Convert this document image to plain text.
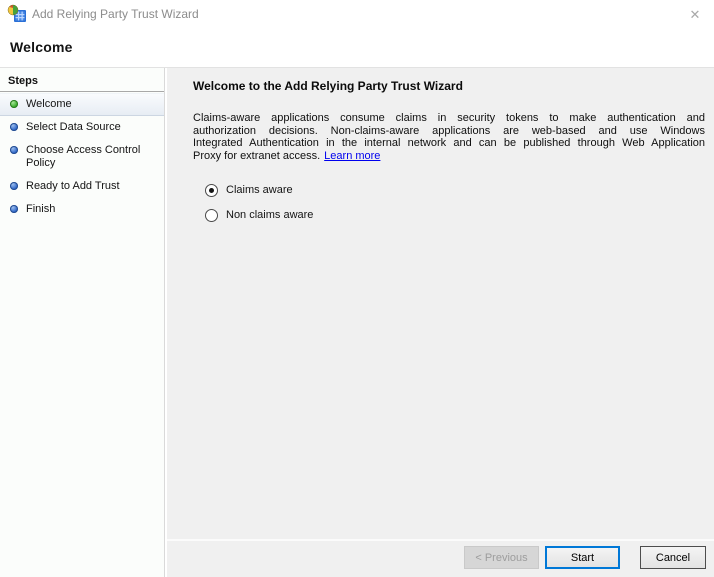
Add Relying Party Trust Wizard	✕
Welcome
Steps
Welcome
Select Data Source
Choose Access Control Policy
Ready to Add Trust
Finish
Welcome to the Add Relying Party Trust Wizard
Claims-aware applications consume claims in security tokens to make authentication and
authorization decisions. Non-claims-aware applications are web-based and use Windows
Integrated Authentication in the internal network and can be published through Web Application
Proxy for extranet access. Learn more
Claims aware
Non claims aware
< Previous	Start	Cancel
